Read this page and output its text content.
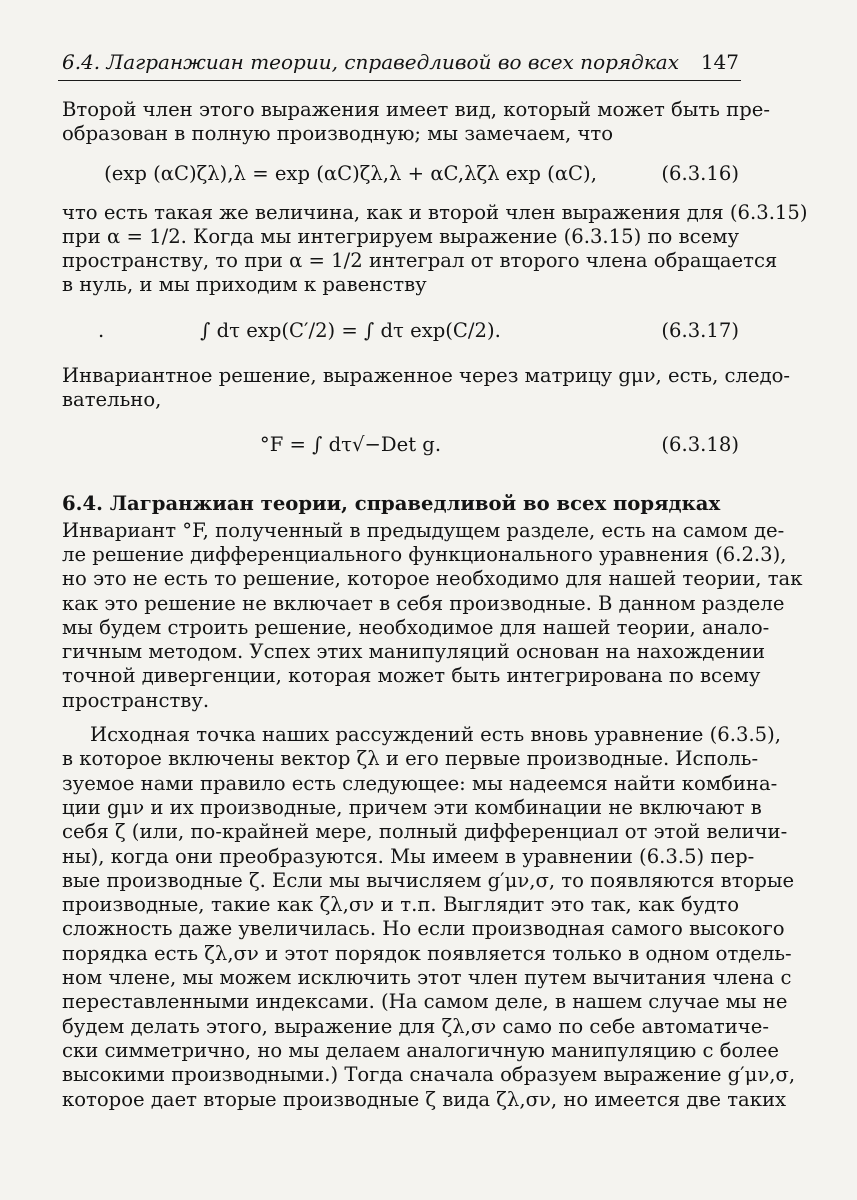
6.4. Лагранжиан теории, справедливой во всех порядках	147
Второй член этого выражения имеет вид, который может быть пре-
образован в полную производную; мы замечаем, что
(exp (αC)ζλ),λ = exp (αC)ζλ,λ + αC,λζλ exp (αC),	(6.3.16)
что есть такая же величина, как и второй член выражения для (6.3.15)
при α = 1/2. Когда мы интегрируем выражение (6.3.15) по всему
пространству, то при α = 1/2 интеграл от второго члена обращается
в нуль, и мы приходим к равенству
.	∫ dτ exp(C′/2) = ∫ dτ exp(C/2).	(6.3.17)
Инвариантное решение, выраженное через матрицу gμν, есть, следо-
вательно,
°F = ∫ dτ√−Det g.	(6.3.18)
6.4. Лагранжиан теории, справедливой во всех порядках
Инвариант °F, полученный в предыдущем разделе, есть на самом де-
ле решение дифференциального функционального уравнения (6.2.3),
но это не есть то решение, которое необходимо для нашей теории, так
как это решение не включает в себя производные. В данном разделе
мы будем строить решение, необходимое для нашей теории, анало-
гичным методом. Успех этих манипуляций основан на нахождении
точной дивергенции, которая может быть интегрирована по всему
пространству.
Исходная точка наших рассуждений есть вновь уравнение (6.3.5),
в которое включены вектор ζλ и его первые производные. Исполь-
зуемое нами правило есть следующее: мы надеемся найти комбина-
ции gμν и их производные, причем эти комбинации не включают в
себя ζ (или, по-крайней мере, полный дифференциал от этой величи-
ны), когда они преобразуются. Мы имеем в уравнении (6.3.5) пер-
вые производные ζ. Если мы вычисляем g′μν,σ, то появляются вторые
производные, такие как ζλ,σν и т.п. Выглядит это так, как будто
сложность даже увеличилась. Но если производная самого высокого
порядка есть ζλ,σν и этот порядок появляется только в одном отдель-
ном члене, мы можем исключить этот член путем вычитания члена с
переставленными индексами. (На самом деле, в нашем случае мы не
будем делать этого, выражение для ζλ,σν само по себе автоматиче-
ски симметрично, но мы делаем аналогичную манипуляцию с более
высокими производными.) Тогда сначала образуем выражение g′μν,σ,
которое дает вторые производные ζ вида ζλ,σν, но имеется две таких
